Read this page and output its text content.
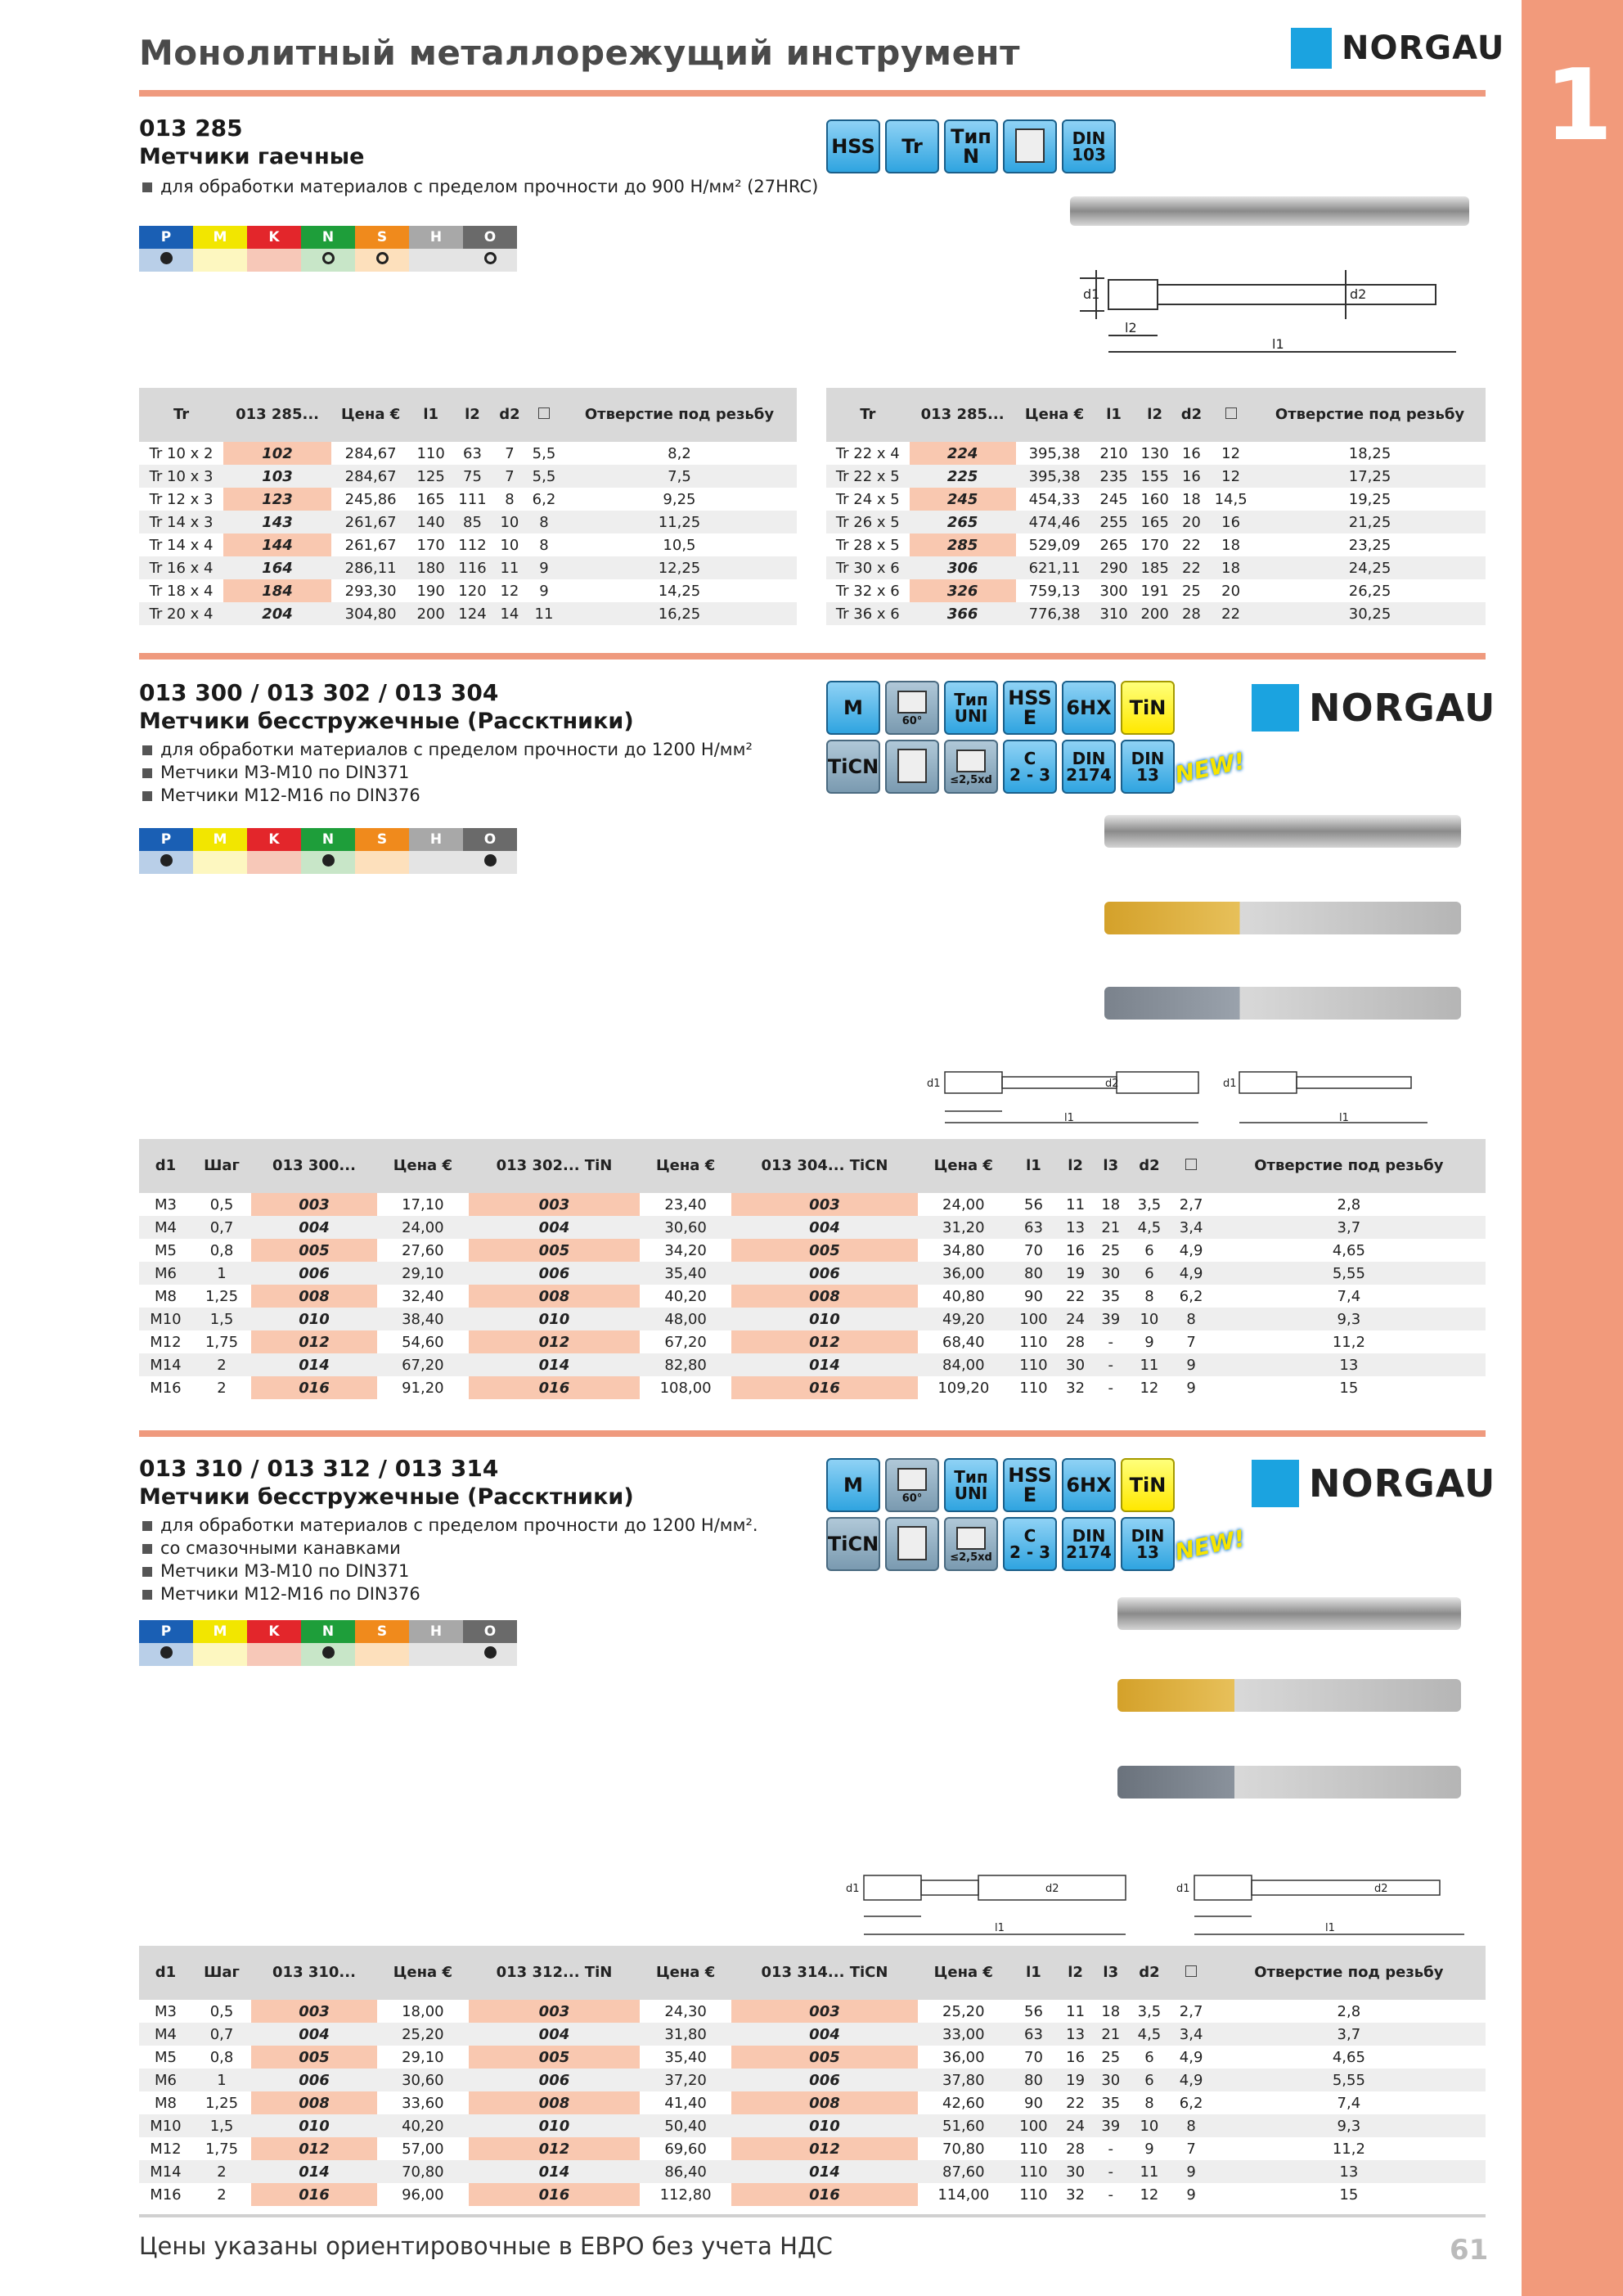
1
Монолитный металлорежущий инструмент	NORGAU
013 285
Метчики гаечные
для обработки материалов с пределом прочности до 900 Н/мм² (27HRC)
P	M	K	N	S	H	O

HSS Tr Тип
N
DIN
103
d1	d2
l2
l1
Tr	013 285...	Цена €	l1	l2	d2		Отверстие под резьбу
Tr 10 x 2	102	284,67	110	63	7	5,5	8,2
Tr 10 x 3	103	284,67	125	75	7	5,5	7,5
Tr 12 x 3	123	245,86	165	111	8	6,2	9,25
Tr 14 x 3	143	261,67	140	85	10	8	11,25
Tr 14 x 4	144	261,67	170	112	10	8	10,5
Tr 16 x 4	164	286,11	180	116	11	9	12,25
Tr 18 x 4	184	293,30	190	120	12	9	14,25
Tr 20 x 4	204	304,80	200	124	14	11	16,25
Tr	013 285...	Цена €	l1	l2	d2		Отверстие под резьбу
Tr 22 x 4	224	395,38	210	130	16	12	18,25
Tr 22 x 5	225	395,38	235	155	16	12	17,25
Tr 24 x 5	245	454,33	245	160	18	14,5	19,25
Tr 26 x 5	265	474,46	255	165	20	16	21,25
Tr 28 x 5	285	529,09	265	170	22	18	23,25
Tr 30 x 6	306	621,11	290	185	22	18	24,25
Tr 32 x 6	326	759,13	300	191	25	20	26,25
Tr 36 x 6	366	776,38	310	200	28	22	30,25
013 300 / 013 302 / 013 304
Метчики бесстружечные (Рассктники)
для обработки материалов с пределом прочности до 1200 Н/мм²
Метчики М3-М10 по DIN371
Метчики М12-М16 по DIN376
P	M	K	N	S	H	O

M
60°
Тип
UNI
HSS
E	6HX TiN
TiCN
≤2,5xd
C
2 - 3
DIN
2174
DIN
13 NEW!
NORGAU
d1	d2
l1
d1
l1
d1	Шаг	013 300...	Цена €	013 302... TiN	Цена €	013 304... TiCN	Цена €	l1	l2	l3	d2		Отверстие под резьбу
M3	0,5	003	17,10	003	23,40	003	24,00	56	11	18	3,5	2,7	2,8
M4	0,7	004	24,00	004	30,60	004	31,20	63	13	21	4,5	3,4	3,7
M5	0,8	005	27,60	005	34,20	005	34,80	70	16	25	6	4,9	4,65
M6	1	006	29,10	006	35,40	006	36,00	80	19	30	6	4,9	5,55
M8	1,25	008	32,40	008	40,20	008	40,80	90	22	35	8	6,2	7,4
M10	1,5	010	38,40	010	48,00	010	49,20	100	24	39	10	8	9,3
M12	1,75	012	54,60	012	67,20	012	68,40	110	28	-	9	7	11,2
M14	2	014	67,20	014	82,80	014	84,00	110	30	-	11	9	13
M16	2	016	91,20	016	108,00	016	109,20	110	32	-	12	9	15
013 310 / 013 312 / 013 314
Метчики бесстружечные (Рассктники)
для обработки материалов с пределом прочности до 1200 Н/мм².
со смазочными канавками
Метчики М3-М10 по DIN371
Метчики М12-М16 по DIN376
P	M	K	N	S	H	O

M
60°
Тип
UNI
HSS
E	6HX TiN
TiCN
≤2,5xd
C
2 - 3
DIN
2174
DIN
13 NEW!
NORGAU
d1	d2
l1
d1	d2
l1
d1	Шаг	013 310...	Цена €	013 312... TiN	Цена €	013 314... TiCN	Цена €	l1	l2	l3	d2		Отверстие под резьбу
M3	0,5	003	18,00	003	24,30	003	25,20	56	11	18	3,5	2,7	2,8
M4	0,7	004	25,20	004	31,80	004	33,00	63	13	21	4,5	3,4	3,7
M5	0,8	005	29,10	005	35,40	005	36,00	70	16	25	6	4,9	4,65
M6	1	006	30,60	006	37,20	006	37,80	80	19	30	6	4,9	5,55
M8	1,25	008	33,60	008	41,40	008	42,60	90	22	35	8	6,2	7,4
M10	1,5	010	40,20	010	50,40	010	51,60	100	24	39	10	8	9,3
M12	1,75	012	57,00	012	69,60	012	70,80	110	28	-	9	7	11,2
M14	2	014	70,80	014	86,40	014	87,60	110	30	-	11	9	13
M16	2	016	96,00	016	112,80	016	114,00	110	32	-	12	9	15
Цены указаны ориентировочные в ЕВРО без учета НДС	61
